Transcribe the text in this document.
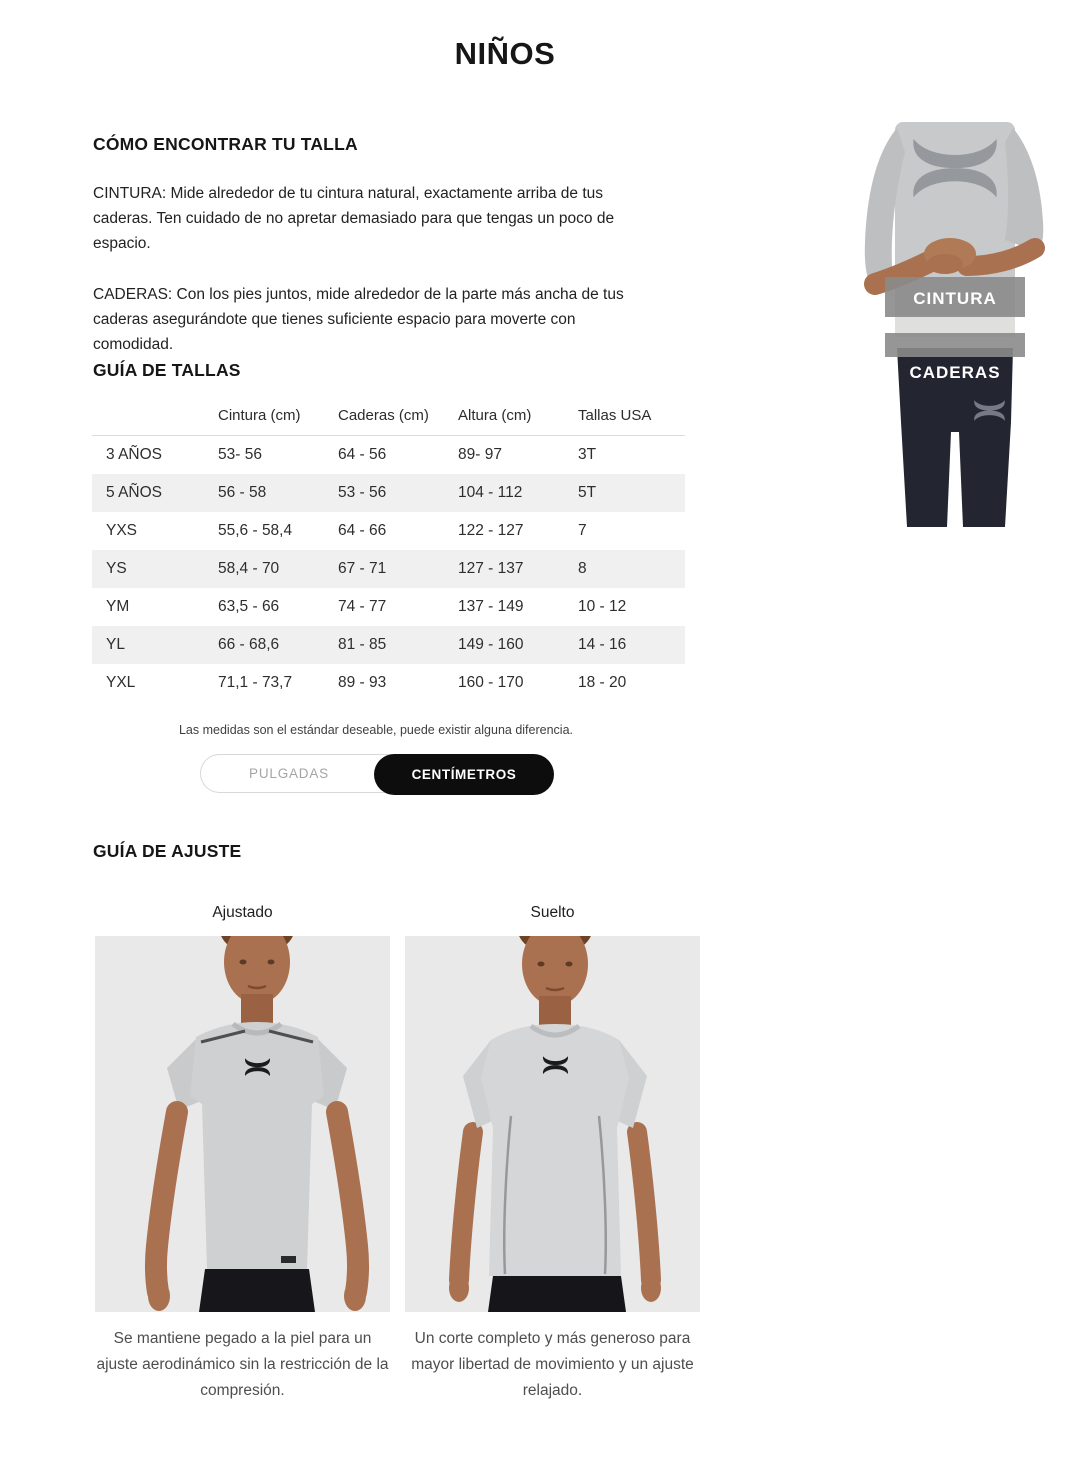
NIÑOS
CÓMO ENCONTRAR TU TALLA

CINTURA: Mide alrededor de tu cintura natural, exactamente arriba de tus caderas. Ten cuidado de no apretar demasiado para que tengas un poco de espacio.

CADERAS: Con los pies juntos, mide alrededor de la parte más ancha de tus caderas asegurándote que tienes suficiente espacio para moverte con comodidad.

CINTURA
CADERAS
GUÍA DE TALLAS
Cintura (cm)	Caderas (cm)	Altura (cm)	Tallas USA
3 AÑOS	53- 56	64 - 56	89- 97	3T
5 AÑOS	56 - 58	53 - 56	104 - 112	5T
YXS	55,6 - 58,4	64 - 66	122 - 127	7
YS	58,4 - 70	67 - 71	127 - 137	8
YM	63,5 - 66	74 - 77	137 - 149	10 - 12
YL	66 - 68,6	81 - 85	149 - 160	14 - 16
YXL	71,1 - 73,7	89 - 93	160 - 170	18 - 20
Las medidas son el estándar deseable, puede existir alguna diferencia.
PULGADAS	CENTÍMETROS
GUÍA DE AJUSTE
Ajustado	Suelto
Se mantiene pegado a la piel para un ajuste aerodinámico sin la restricción de la compresión.
Un corte completo y más generoso para mayor libertad de movimiento y un ajuste relajado.
